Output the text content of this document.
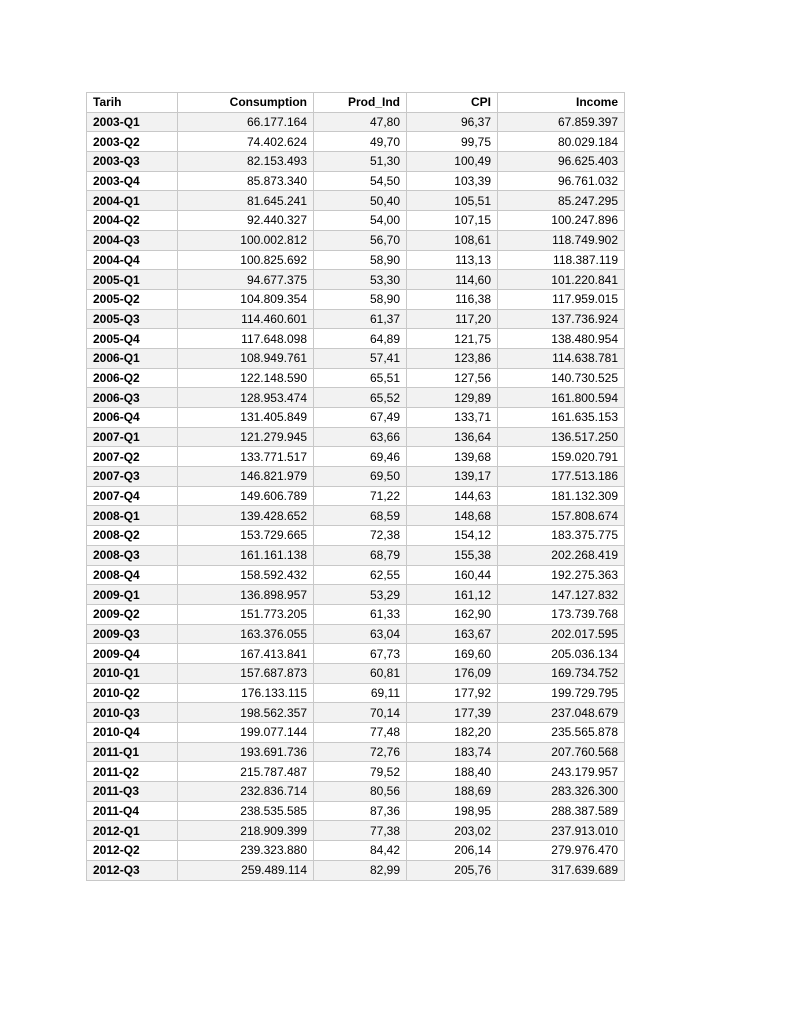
Tarih	Consumption	Prod_Ind	CPI	Income
2003-Q1	66.177.164	47,80	96,37	67.859.397
2003-Q2	74.402.624	49,70	99,75	80.029.184
2003-Q3	82.153.493	51,30	100,49	96.625.403
2003-Q4	85.873.340	54,50	103,39	96.761.032
2004-Q1	81.645.241	50,40	105,51	85.247.295
2004-Q2	92.440.327	54,00	107,15	100.247.896
2004-Q3	100.002.812	56,70	108,61	118.749.902
2004-Q4	100.825.692	58,90	113,13	118.387.119
2005-Q1	94.677.375	53,30	114,60	101.220.841
2005-Q2	104.809.354	58,90	116,38	117.959.015
2005-Q3	114.460.601	61,37	117,20	137.736.924
2005-Q4	117.648.098	64,89	121,75	138.480.954
2006-Q1	108.949.761	57,41	123,86	114.638.781
2006-Q2	122.148.590	65,51	127,56	140.730.525
2006-Q3	128.953.474	65,52	129,89	161.800.594
2006-Q4	131.405.849	67,49	133,71	161.635.153
2007-Q1	121.279.945	63,66	136,64	136.517.250
2007-Q2	133.771.517	69,46	139,68	159.020.791
2007-Q3	146.821.979	69,50	139,17	177.513.186
2007-Q4	149.606.789	71,22	144,63	181.132.309
2008-Q1	139.428.652	68,59	148,68	157.808.674
2008-Q2	153.729.665	72,38	154,12	183.375.775
2008-Q3	161.161.138	68,79	155,38	202.268.419
2008-Q4	158.592.432	62,55	160,44	192.275.363
2009-Q1	136.898.957	53,29	161,12	147.127.832
2009-Q2	151.773.205	61,33	162,90	173.739.768
2009-Q3	163.376.055	63,04	163,67	202.017.595
2009-Q4	167.413.841	67,73	169,60	205.036.134
2010-Q1	157.687.873	60,81	176,09	169.734.752
2010-Q2	176.133.115	69,11	177,92	199.729.795
2010-Q3	198.562.357	70,14	177,39	237.048.679
2010-Q4	199.077.144	77,48	182,20	235.565.878
2011-Q1	193.691.736	72,76	183,74	207.760.568
2011-Q2	215.787.487	79,52	188,40	243.179.957
2011-Q3	232.836.714	80,56	188,69	283.326.300
2011-Q4	238.535.585	87,36	198,95	288.387.589
2012-Q1	218.909.399	77,38	203,02	237.913.010
2012-Q2	239.323.880	84,42	206,14	279.976.470
2012-Q3	259.489.114	82,99	205,76	317.639.689
